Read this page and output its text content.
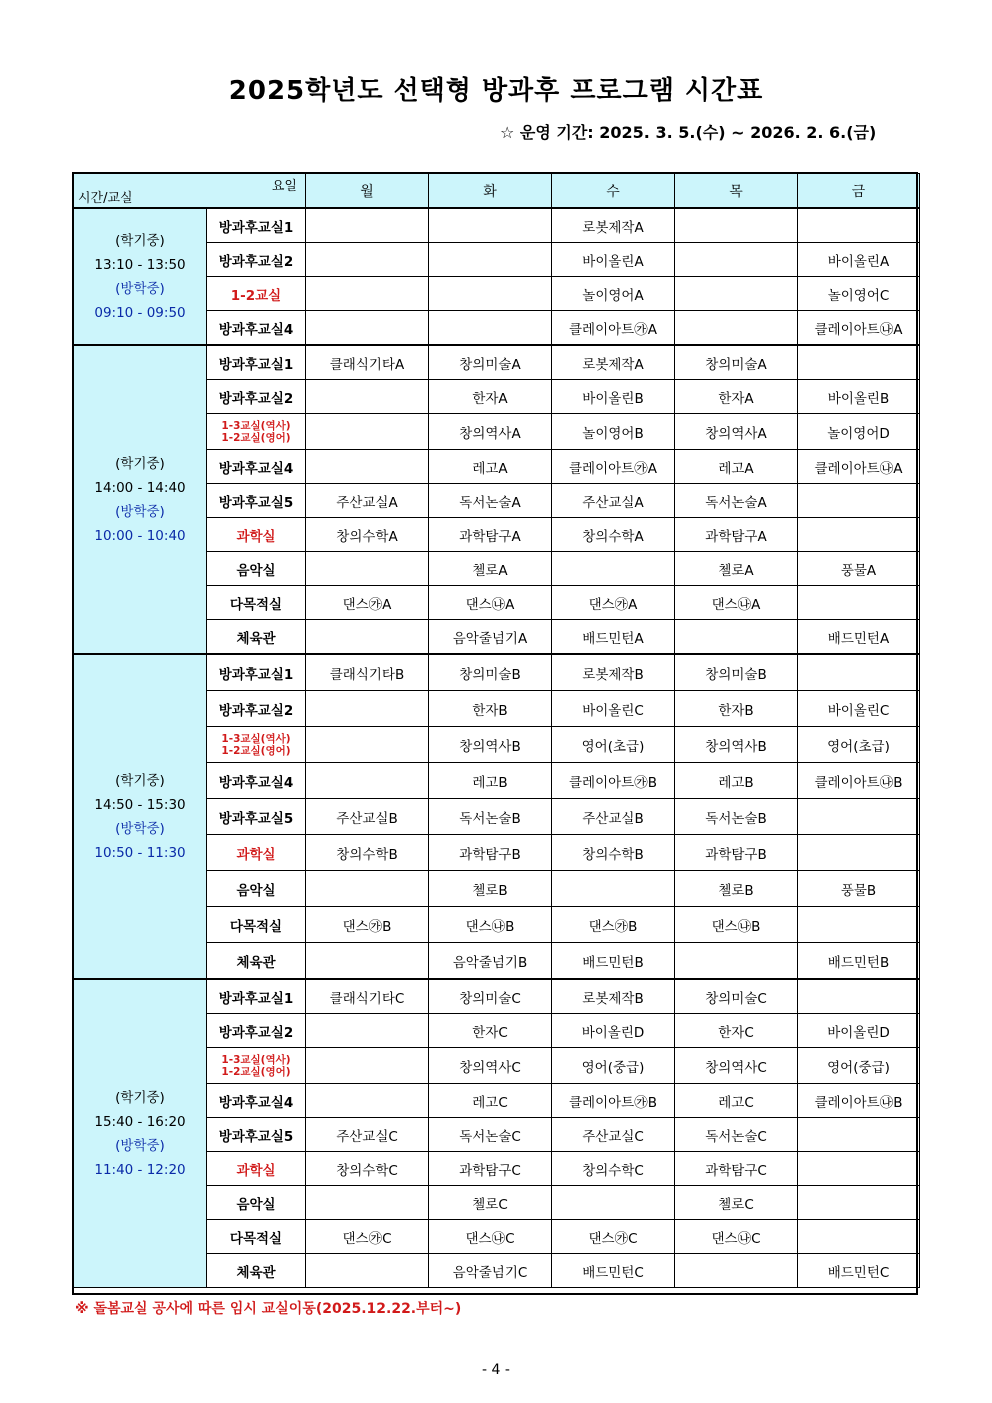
2025학년도 선택형 방과후 프로그램 시간표
☆ 운영 기간: 2025. 3. 5.(수) ~ 2026. 2. 6.(금)
요일
시간/교실		월	화	수	목	금

(학기중)
13:10 - 13:50
(방학중)
09:10 - 09:50	방과후교실1			로봇제작A		

	방과후교실2			바이올린A		바이올린A

	1-2교실			놀이영어A		놀이영어C

	방과후교실4			클레이아트㉮A		클레이아트㉯A

(학기중)
14:00 - 14:40
(방학중)
10:00 - 10:40	방과후교실1	클래식기타A	창의미술A	로봇제작A	창의미술A	

	방과후교실2		한자A	바이올린B	한자A	바이올린B

	1-3교실(역사)
1-2교실(영어)		창의역사A	놀이영어B	창의역사A	놀이영어D

	방과후교실4		레고A	클레이아트㉮A	레고A	클레이아트㉯A

	방과후교실5	주산교실A	독서논술A	주산교실A	독서논술A	

	과학실	창의수학A	과학탐구A	창의수학A	과학탐구A	

	음악실		첼로A		첼로A	풍물A

	다목적실	댄스㉮A	댄스㉯A	댄스㉮A	댄스㉯A	

	체육관		음악줄넘기A	배드민턴A		배드민턴A

(학기중)
14:50 - 15:30
(방학중)
10:50 - 11:30	방과후교실1	클래식기타B	창의미술B	로봇제작B	창의미술B	

	방과후교실2		한자B	바이올린C	한자B	바이올린C

	1-3교실(역사)
1-2교실(영어)		창의역사B	영어(초급)	창의역사B	영어(초급)

	방과후교실4		레고B	클레이아트㉮B	레고B	클레이아트㉯B

	방과후교실5	주산교실B	독서논술B	주산교실B	독서논술B	

	과학실	창의수학B	과학탐구B	창의수학B	과학탐구B	

	음악실		첼로B		첼로B	풍물B

	다목적실	댄스㉮B	댄스㉯B	댄스㉮B	댄스㉯B	

	체육관		음악줄넘기B	배드민턴B		배드민턴B

(학기중)
15:40 - 16:20
(방학중)
11:40 - 12:20	방과후교실1	클래식기타C	창의미술C	로봇제작B	창의미술C	

	방과후교실2		한자C	바이올린D	한자C	바이올린D

	1-3교실(역사)
1-2교실(영어)		창의역사C	영어(중급)	창의역사C	영어(중급)

	방과후교실4		레고C	클레이아트㉮B	레고C	클레이아트㉯B

	방과후교실5	주산교실C	독서논술C	주산교실C	독서논술C	

	과학실	창의수학C	과학탐구C	창의수학C	과학탐구C	

	음악실		첼로C		첼로C	

	다목적실	댄스㉮C	댄스㉯C	댄스㉮C	댄스㉯C	

	체육관		음악줄넘기C	배드민턴C		배드민턴C
※ 돌봄교실 공사에 따른 임시 교실이동(2025.12.22.부터~)
- 4 -
